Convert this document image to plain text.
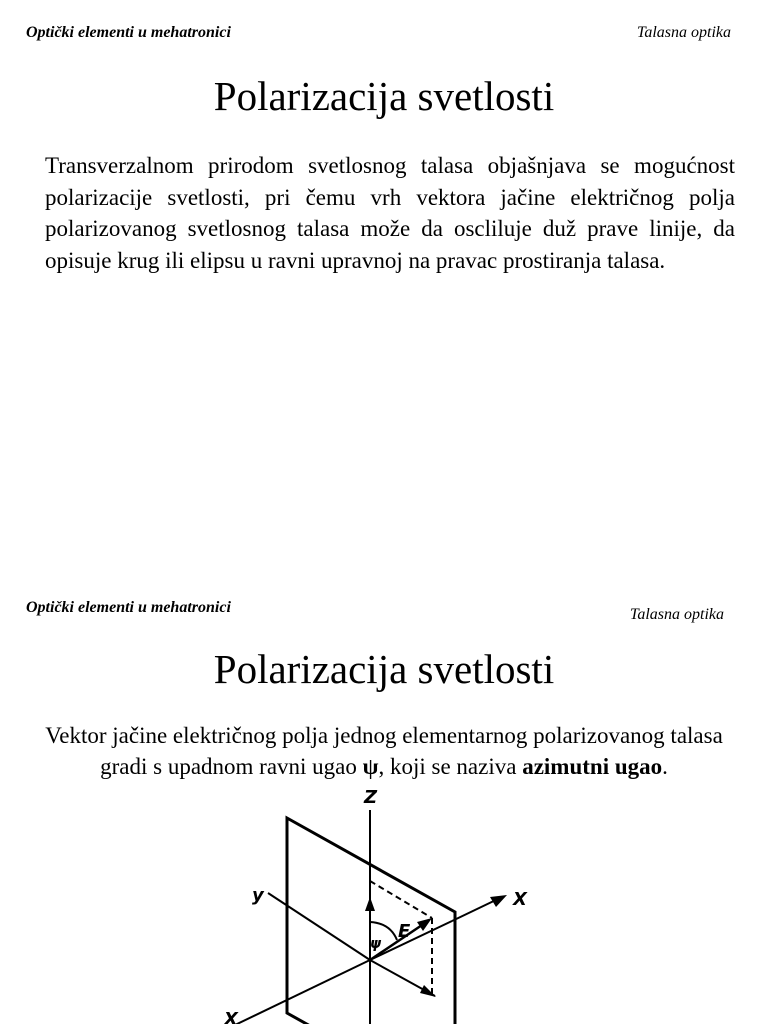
Optički elementi u mehatronici	Talasna optika
Polarizacija svetlosti
Transverzalnom prirodom svetlosnog talasa objašnjava se mogućnost polarizacije svetlosti, pri čemu vrh vektora jačine električnog polja polarizovanog svetlosnog talasa može da oscliluje duž prave linije, da opisuje krug ili elipsu u ravni upravnoj na pravac prostiranja talasa.
Optički elementi u mehatronici	Talasna optika
Polarizacija svetlosti
Vektor jačine električnog polja jednog elementarnog polarizovanog talasa gradi s upadnom ravni ugao ψ, koji se naziva azimutni ugao.
Z
y	X
X
E
ψ
